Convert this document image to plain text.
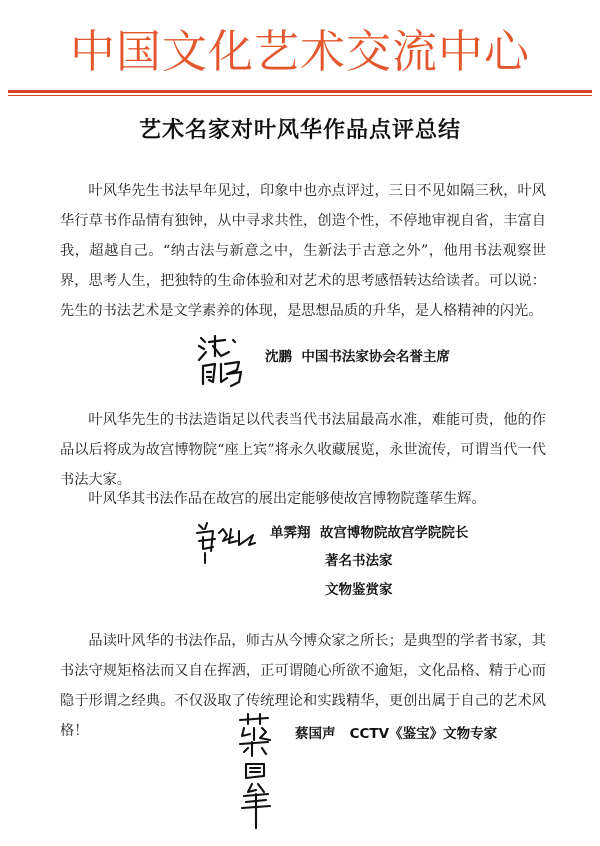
中国文化艺术交流中心
艺术名家对叶风华作品点评总结

叶风华先生书法早年见过，印象中也亦点评过，三日不见如隔三秋，叶风华行草书作品情有独钟，从中寻求共性，创造个性，不停地审视自省，丰富自我，超越自己。“纳古法与新意之中，生新法于古意之外”，他用书法观察世界，思考人生，把独特的生命体验和对艺术的思考感悟转达给读者。可以说：先生的书法艺术是文学素养的体现，是思想品质的升华，是人格精神的闪光。

沈鹏  中国书法家协会名誉主席

叶风华先生的书法造诣足以代表当代书法届最高水准，难能可贵，他的作品以后将成为故宫博物院“座上宾”将永久收藏展览，永世流传，可谓当代一代书法大家。

叶风华其书法作品在故宫的展出定能够使故宫博物院蓬荜生辉。

单霁翔  故宫博物院故宫学院院长
著名书法家
文物鉴赏家

品读叶风华的书法作品，师古从今博众家之所长；是典型的学者书家，其书法守规矩格法而又自在挥洒，正可谓随心所欲不逾矩，文化品格、精于心而隐于形谓之经典。不仅汲取了传统理论和实践精华，更创出属于自己的艺术风格！	蔡国声   CCTV《鉴宝》文物专家
